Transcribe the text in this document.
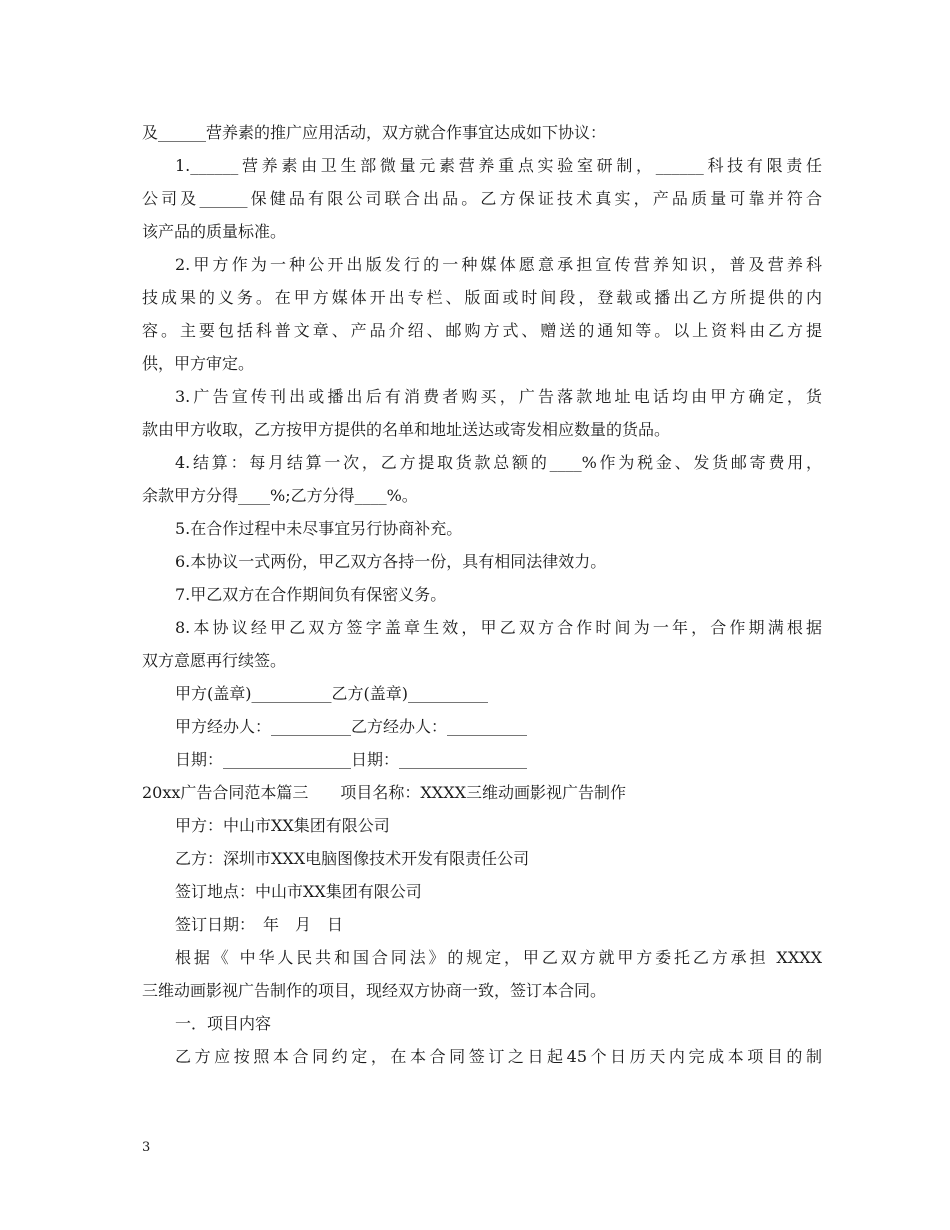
及______营养素的推广应用活动，双方就合作事宜达成如下协议：
1.______营养素由卫生部微量元素营养重点实验室研制，______科技有限责任
公司及______保健品有限公司联合出品。乙方保证技术真实，产品质量可靠并符合
该产品的质量标准。
2.甲方作为一种公开出版发行的一种媒体愿意承担宣传营养知识，普及营养科
技成果的义务。在甲方媒体开出专栏、版面或时间段，登载或播出乙方所提供的内
容。主要包括科普文章、产品介绍、邮购方式、赠送的通知等。以上资料由乙方提
供，甲方审定。
3.广告宣传刊出或播出后有消费者购买，广告落款地址电话均由甲方确定，货
款由甲方收取，乙方按甲方提供的名单和地址送达或寄发相应数量的货品。
4.结算：每月结算一次，乙方提取货款总额的____%作为税金、发货邮寄费用，
余款甲方分得____%;乙方分得____%。
5.在合作过程中未尽事宜另行协商补充。
6.本协议一式两份，甲乙双方各持一份，具有相同法律效力。
7.甲乙双方在合作期间负有保密义务。
8.本协议经甲乙双方签字盖章生效，甲乙双方合作时间为一年，合作期满根据
双方意愿再行续签。
甲方(盖章)__________乙方(盖章)__________
甲方经办人：__________乙方经办人：__________
日期：________________日期：________________
20xx广告合同范本篇三　　项目名称：XXXX三维动画影视广告制作
甲方：中山市XX集团有限公司
乙方：深圳市XXX电脑图像技术开发有限责任公司
签订地点：中山市XX集团有限公司
签订日期：　年　月　日
根据《 中华人民共和国合同法》的规定，甲乙双方就甲方委托乙方承担 XXXX
三维动画影视广告制作的项目，现经双方协商一致，签订本合同。
一．项目内容
乙方应按照本合同约定，在本合同签订之日起45个日历天内完成本项目的制
3
